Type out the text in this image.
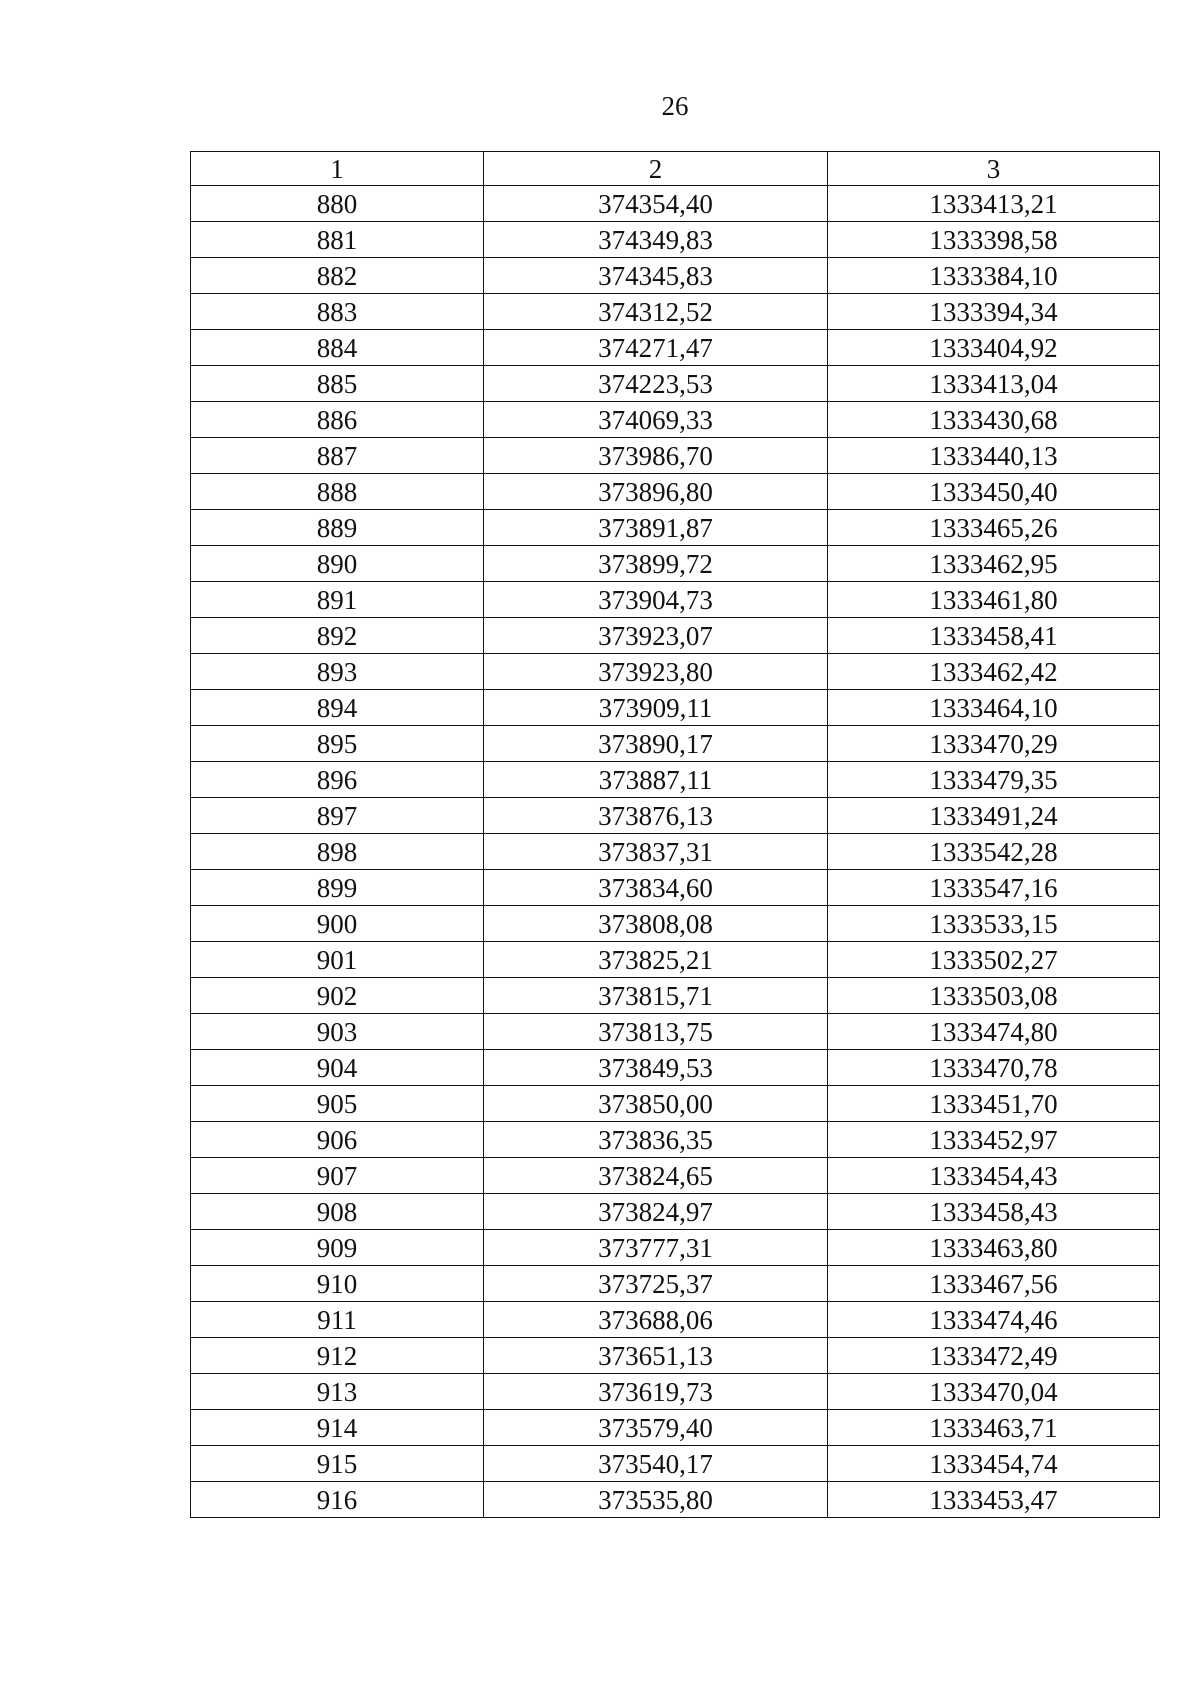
26
1	2	3
880	374354,40	1333413,21
881	374349,83	1333398,58
882	374345,83	1333384,10
883	374312,52	1333394,34
884	374271,47	1333404,92
885	374223,53	1333413,04
886	374069,33	1333430,68
887	373986,70	1333440,13
888	373896,80	1333450,40
889	373891,87	1333465,26
890	373899,72	1333462,95
891	373904,73	1333461,80
892	373923,07	1333458,41
893	373923,80	1333462,42
894	373909,11	1333464,10
895	373890,17	1333470,29
896	373887,11	1333479,35
897	373876,13	1333491,24
898	373837,31	1333542,28
899	373834,60	1333547,16
900	373808,08	1333533,15
901	373825,21	1333502,27
902	373815,71	1333503,08
903	373813,75	1333474,80
904	373849,53	1333470,78
905	373850,00	1333451,70
906	373836,35	1333452,97
907	373824,65	1333454,43
908	373824,97	1333458,43
909	373777,31	1333463,80
910	373725,37	1333467,56
911	373688,06	1333474,46
912	373651,13	1333472,49
913	373619,73	1333470,04
914	373579,40	1333463,71
915	373540,17	1333454,74
916	373535,80	1333453,47
